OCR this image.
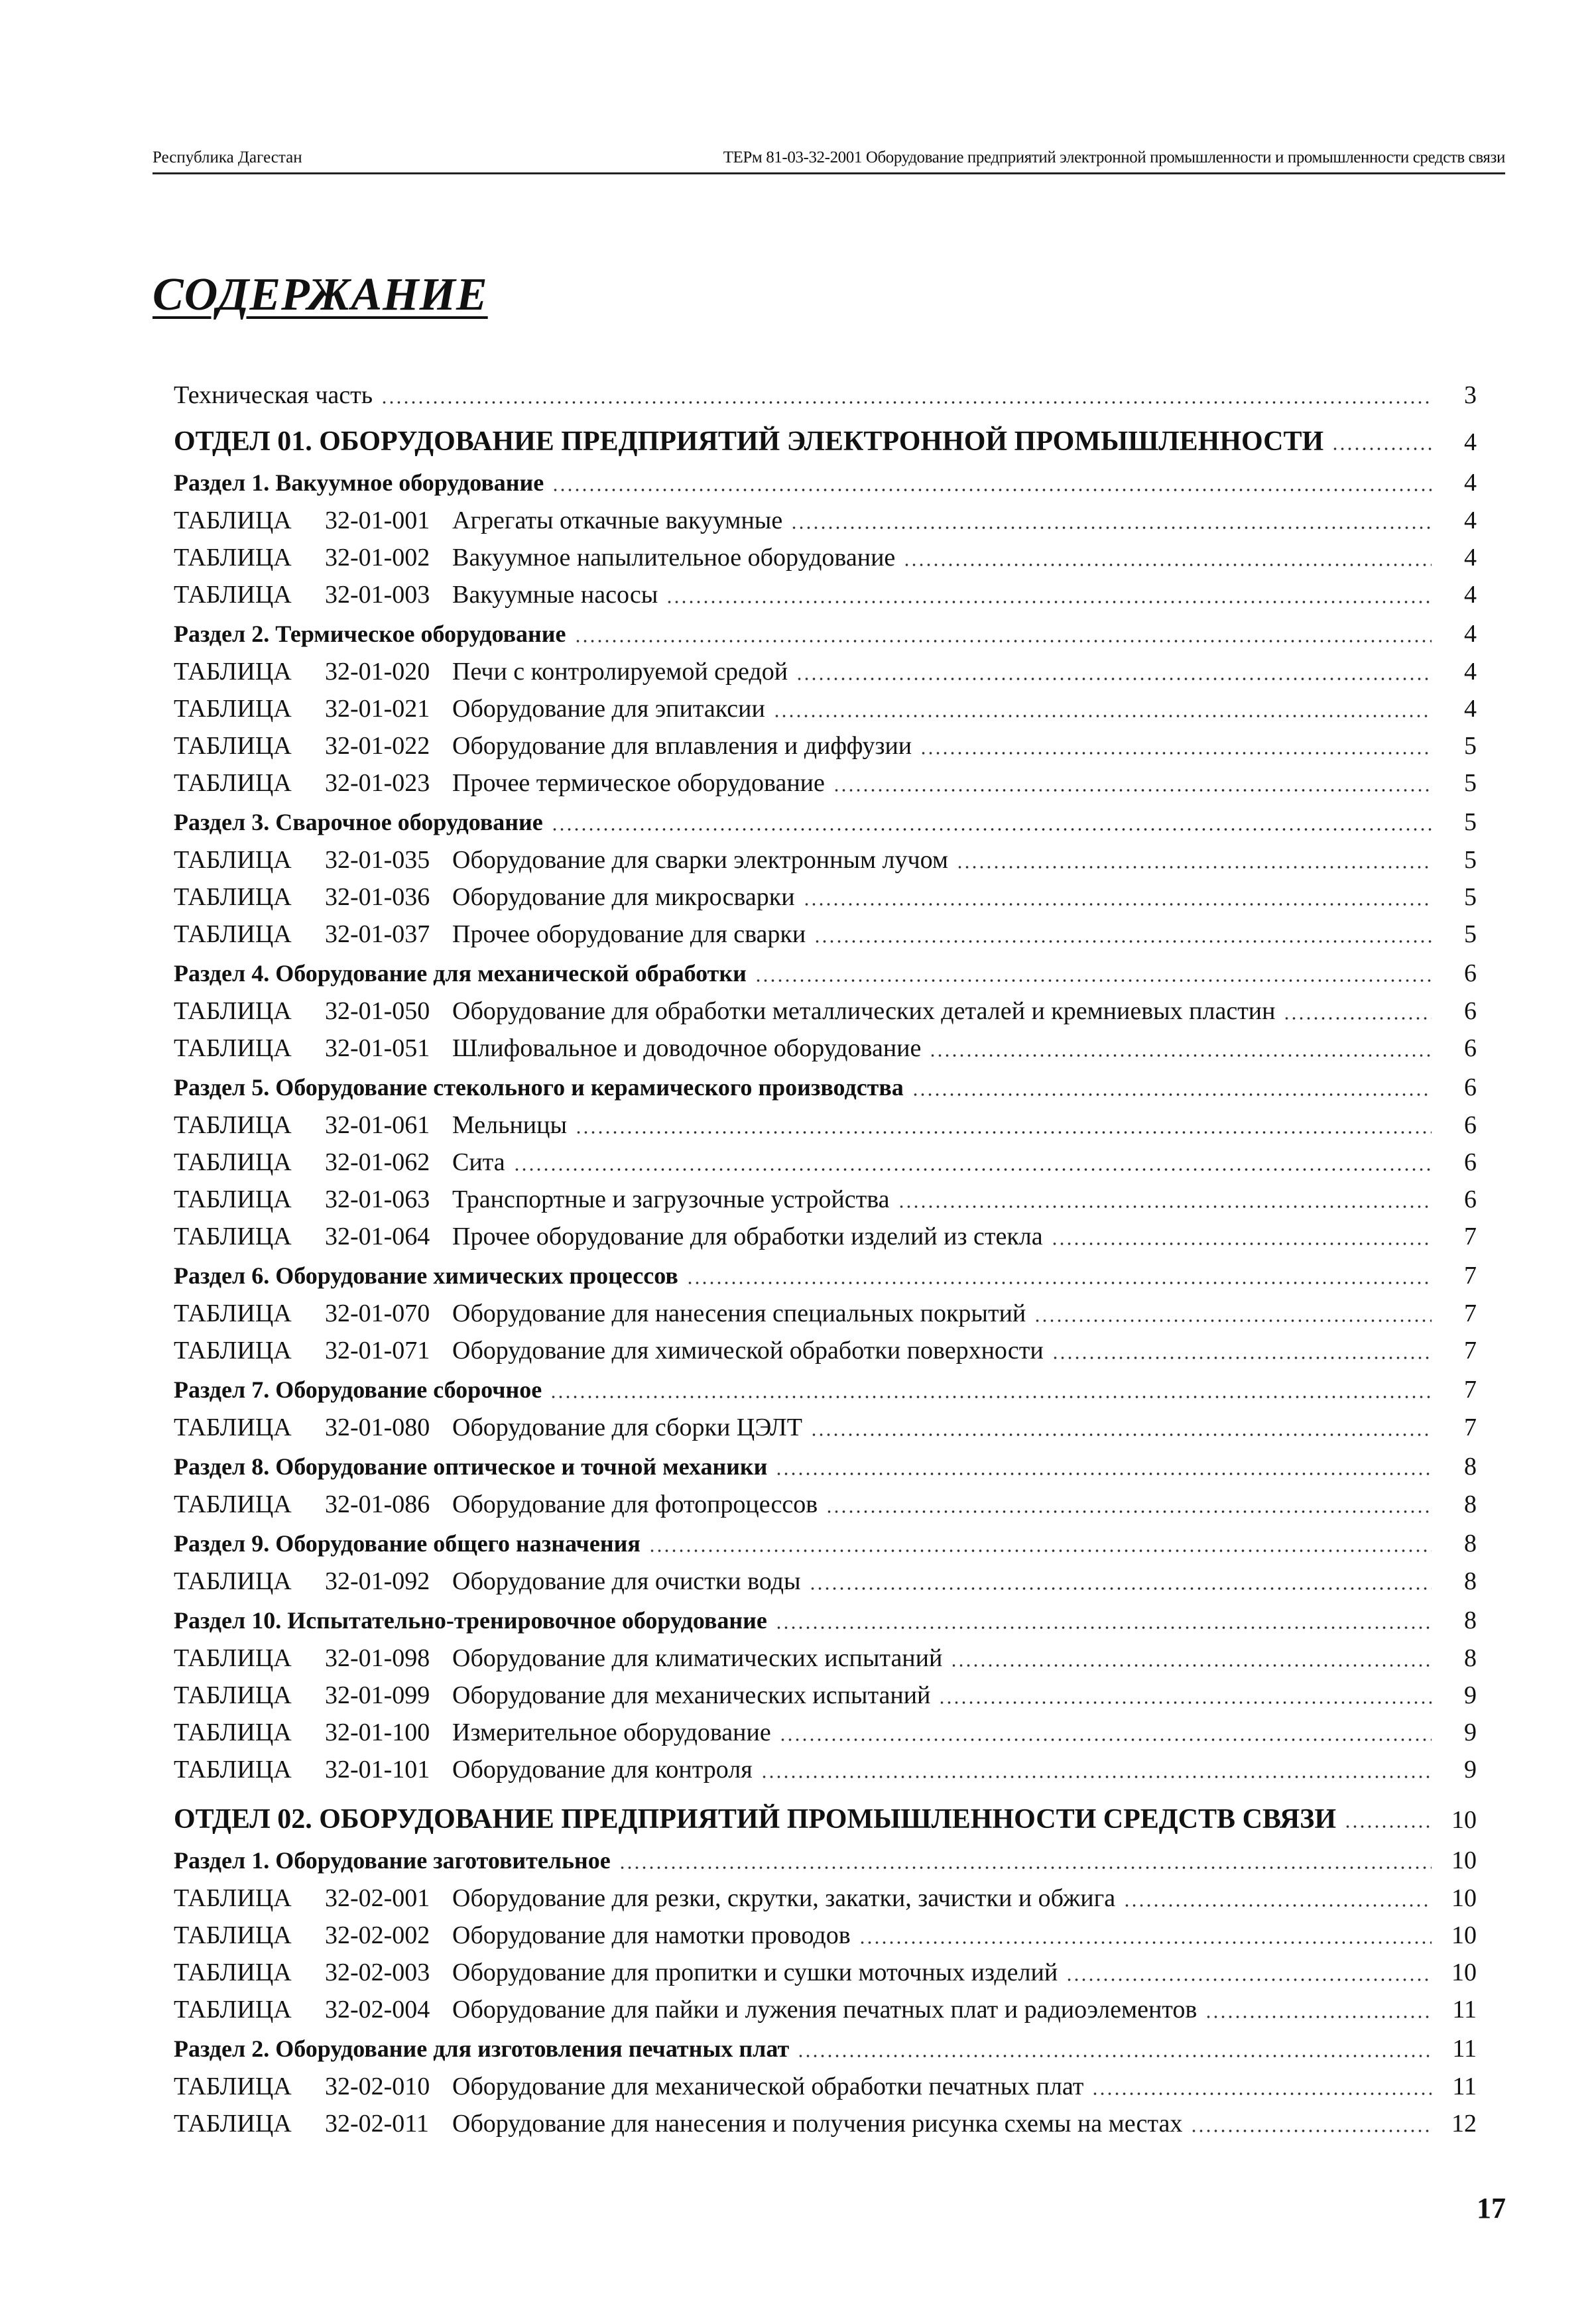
Республика Дагестан	ТЕРм 81-03-32-2001 Оборудование предприятий электронной промышленности и промышленности средств связи
СОДЕРЖАНИЕ
Техническая часть	3
ОТДЕЛ 01. ОБОРУДОВАНИЕ ПРЕДПРИЯТИЙ ЭЛЕКТРОННОЙ ПРОМЫШЛЕННОСТИ	4
Раздел 1. Вакуумное оборудование	4
ТАБЛИЦА	32-01-001 Агрегаты откачные вакуумные	4
ТАБЛИЦА	32-01-002 Вакуумное напылительное оборудование	4
ТАБЛИЦА	32-01-003 Вакуумные насосы	4
Раздел 2. Термическое оборудование	4
ТАБЛИЦА	32-01-020 Печи с контролируемой средой	4
ТАБЛИЦА	32-01-021 Оборудование для эпитаксии	4
ТАБЛИЦА	32-01-022 Оборудование для вплавления и диффузии	5
ТАБЛИЦА	32-01-023 Прочее термическое оборудование	5
Раздел 3. Сварочное оборудование	5
ТАБЛИЦА	32-01-035 Оборудование для сварки электронным лучом	5
ТАБЛИЦА	32-01-036 Оборудование для микросварки	5
ТАБЛИЦА	32-01-037 Прочее оборудование для сварки	5
Раздел 4. Оборудование для механической обработки	6
ТАБЛИЦА	32-01-050 Оборудование для обработки металлических деталей и кремниевых пластин	6
ТАБЛИЦА	32-01-051 Шлифовальное и доводочное оборудование	6
Раздел 5. Оборудование стекольного и керамического производства	6
ТАБЛИЦА	32-01-061 Мельницы	6
ТАБЛИЦА	32-01-062 Сита	6
ТАБЛИЦА	32-01-063 Транспортные и загрузочные устройства	6
ТАБЛИЦА	32-01-064 Прочее оборудование для обработки изделий из стекла	7
Раздел 6. Оборудование химических процессов	7
ТАБЛИЦА	32-01-070 Оборудование для нанесения специальных покрытий	7
ТАБЛИЦА	32-01-071 Оборудование для химической обработки поверхности	7
Раздел 7. Оборудование сборочное	7
ТАБЛИЦА	32-01-080 Оборудование для сборки ЦЭЛТ	7
Раздел 8. Оборудование оптическое и точной механики	8
ТАБЛИЦА	32-01-086 Оборудование для фотопроцессов	8
Раздел 9. Оборудование общего назначения	8
ТАБЛИЦА	32-01-092 Оборудование для очистки воды	8
Раздел 10. Испытательно-тренировочное оборудование	8
ТАБЛИЦА	32-01-098 Оборудование для климатических испытаний	8
ТАБЛИЦА	32-01-099 Оборудование для механических испытаний	9
ТАБЛИЦА	32-01-100 Измерительное оборудование	9
ТАБЛИЦА	32-01-101 Оборудование для контроля	9
ОТДЕЛ 02. ОБОРУДОВАНИЕ ПРЕДПРИЯТИЙ ПРОМЫШЛЕННОСТИ СРЕДСТВ СВЯЗИ	10
Раздел 1. Оборудование заготовительное	10
ТАБЛИЦА	32-02-001 Оборудование для резки, скрутки, закатки, зачистки и обжига	10
ТАБЛИЦА	32-02-002 Оборудование для намотки проводов	10
ТАБЛИЦА	32-02-003 Оборудование для пропитки и сушки моточных изделий	10
ТАБЛИЦА	32-02-004 Оборудование для пайки и лужения печатных плат и радиоэлементов	11
Раздел 2. Оборудование для изготовления печатных плат	11
ТАБЛИЦА	32-02-010 Оборудование для механической обработки печатных плат	11
ТАБЛИЦА	32-02-011 Оборудование для нанесения и получения рисунка схемы на местах	12
17
